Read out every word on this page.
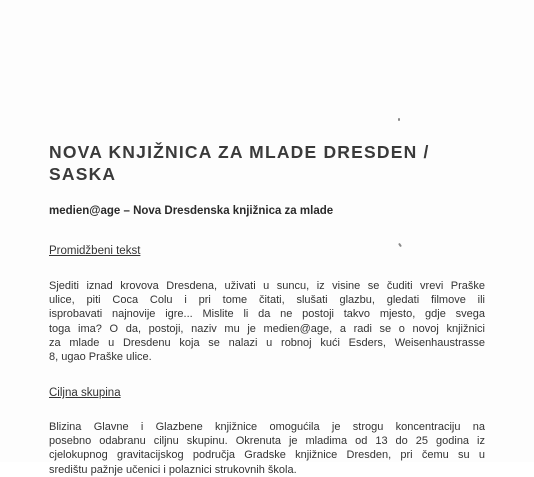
NOVA KNJIŽNICA ZA MLADE DRESDEN /
SASKA

medien@age – Nova Dresdenska knjižnica za mlade

Promidžbeni tekst

Sjediti iznad krovova Dresdena, uživati u suncu, iz visine se čuditi vrevi Praške
ulice, piti Coca Colu i pri tome čitati, slušati glazbu, gledati filmove ili
isprobavati najnovije igre... Mislite li da ne postoji takvo mjesto, gdje svega
toga ima? O da, postoji, naziv mu je medien@age, a radi se o novoj knjižnici
za mlade u Dresdenu koja se nalazi u robnoj kući Esders, Weisenhaustrasse
8, ugao Praške ulice.

Ciljna skupina

Blizina Glavne i Glazbene knjižnice omogućila je strogu koncentraciju na
posebno odabranu ciljnu skupinu. Okrenuta je mladima od 13 do 25 godina iz
cjelokupnog gravitacijskog područja Gradske knjižnice Dresden, pri čemu su u
središtu pažnje učenici i polaznici strukovnih škola.
